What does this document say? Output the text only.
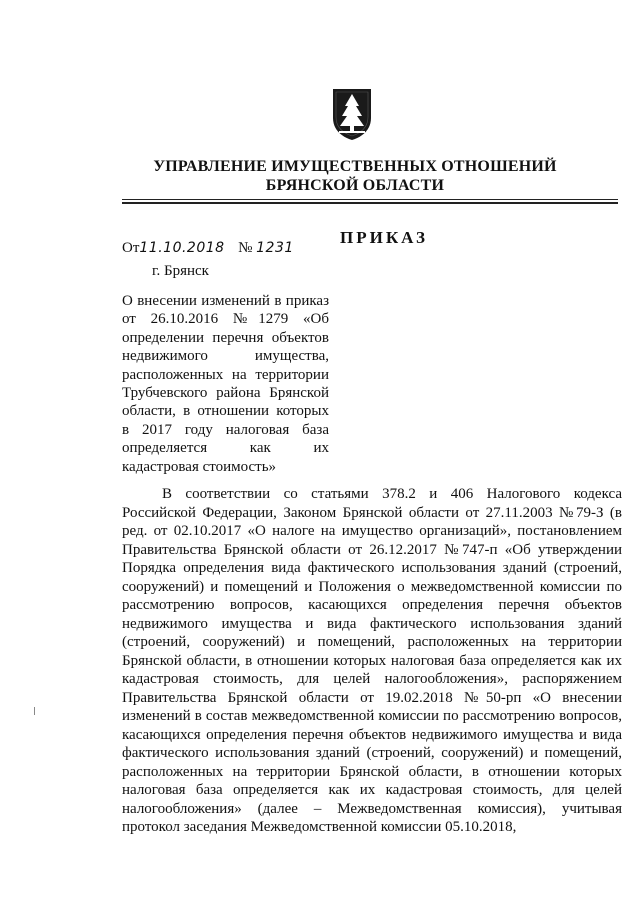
УПРАВЛЕНИЕ ИМУЩЕСТВЕННЫХ ОТНОШЕНИЙ
БРЯНСКОЙ ОБЛАСТИ
ПРИКАЗ
От11.10.2018 № 1231
г. Брянск
О внесении изменений в приказ от 26.10.2016 №1279 «Об определении перечня объектов недвижимого имущества, расположенных на территории Трубчевского района Брянской области, в отношении которых в 2017 году налоговая база определяется как их кадастровая стоимость»
В соответствии со статьями 378.2 и 406 Налогового кодекса Российской Федерации, Законом Брянской области от 27.11.2003 №79-З (в ред. от 02.10.2017 «О налоге на имущество организаций», постановлением Правительства Брянской области от 26.12.2017 №747-п «Об утверждении Порядка определения вида фактического использования зданий (строений, сооружений) и помещений и Положения о межведомственной комиссии по рассмотрению вопросов, касающихся определения перечня объектов недвижимого имущества и вида фактического использования зданий (строений, сооружений) и помещений, расположенных на территории Брянской области, в отношении которых налоговая база определяется как их кадастровая стоимость, для целей налогообложения», распоряжением Правительства Брянской области от 19.02.2018 №50-рп «О внесении изменений в состав межведомственной комиссии по рассмотрению вопросов, касающихся определения перечня объектов недвижимого имущества и вида фактического использования зданий (строений, сооружений) и помещений, расположенных на территории Брянской области, в отношении которых налоговая база определяется как их кадастровая стоимость, для целей налогообложения» (далее – Межведомственная комиссия), учитывая протокол заседания Межведомственной комиссии 05.10.2018,
